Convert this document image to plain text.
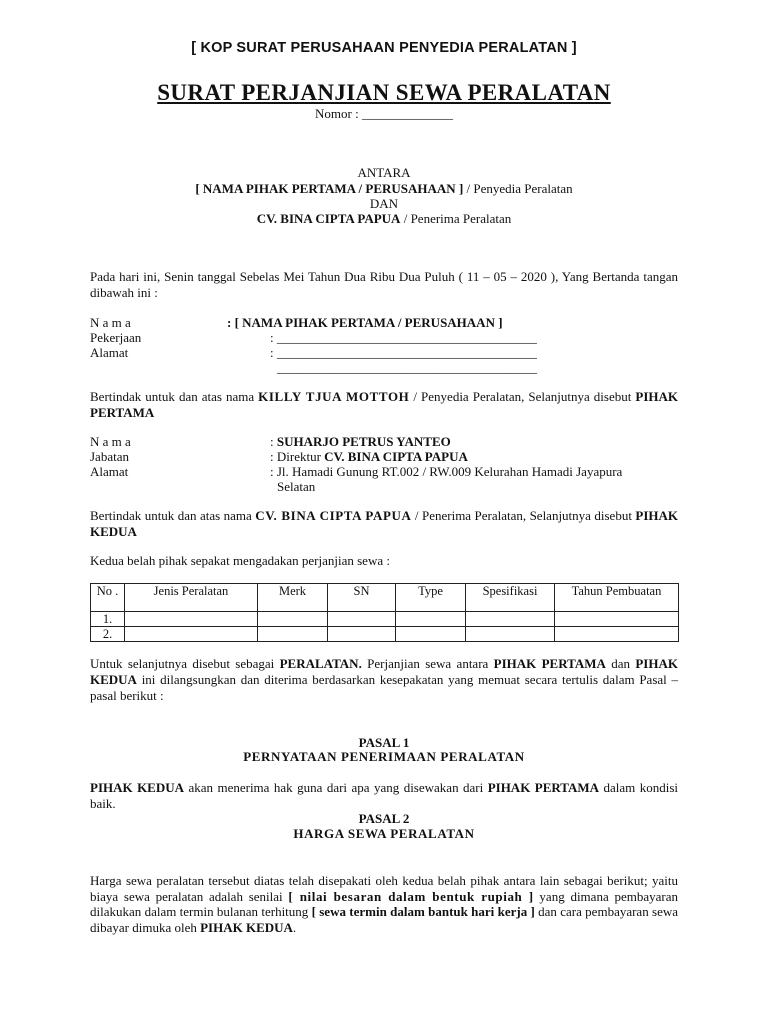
[ KOP SURAT PERUSAHAAN PENYEDIA PERALATAN ]
SURAT PERJANJIAN SEWA PERALATAN
Nomor : ______________
ANTARA
[ NAMA PIHAK PERTAMA / PERUSAHAAN ] / Penyedia Peralatan
DAN
CV. BINA CIPTA PAPUA / Penerima Peralatan
Pada hari ini, Senin tanggal Sebelas Mei Tahun Dua Ribu Dua Puluh ( 11 – 05 – 2020 ), Yang Bertanda tangan dibawah ini :
N a m a	: [ NAMA PIHAK PERTAMA / PERUSAHAAN ]
Pekerjaan	: ________________________________________
Alamat	: ________________________________________
________________________________________
Bertindak untuk dan atas nama KILLY TJUA MOTTOH / Penyedia Peralatan, Selanjutnya disebut PIHAK PERTAMA
N a m a	: SUHARJO PETRUS YANTEO
Jabatan	: Direktur CV. BINA CIPTA PAPUA
Alamat	: Jl. Hamadi Gunung RT.002 / RW.009 Kelurahan Hamadi Jayapura
Selatan
Bertindak untuk dan atas nama CV. BINA CIPTA PAPUA / Penerima Peralatan, Selanjutnya disebut PIHAK KEDUA
Kedua belah pihak sepakat mengadakan perjanjian sewa :
No .	Jenis Peralatan	Merk	SN	Type	Spesifikasi	Tahun Pembuatan
1.						
2.						
Untuk selanjutnya disebut sebagai PERALATAN. Perjanjian sewa antara PIHAK PERTAMA dan PIHAK KEDUA ini dilangsungkan dan diterima berdasarkan kesepakatan yang memuat secara tertulis dalam Pasal – pasal berikut :
PASAL 1
PERNYATAAN PENERIMAAN PERALATAN
PIHAK KEDUA akan menerima hak guna dari apa yang disewakan dari PIHAK PERTAMA dalam kondisi baik.
PASAL 2
HARGA SEWA PERALATAN
Harga sewa peralatan tersebut diatas telah disepakati oleh kedua belah pihak antara lain sebagai berikut; yaitu biaya sewa peralatan adalah senilai [ nilai besaran dalam bentuk rupiah ] yang dimana pembayaran dilakukan dalam termin bulanan terhitung [ sewa termin dalam bantuk hari kerja ] dan cara pembayaran sewa dibayar dimuka oleh PIHAK KEDUA.
